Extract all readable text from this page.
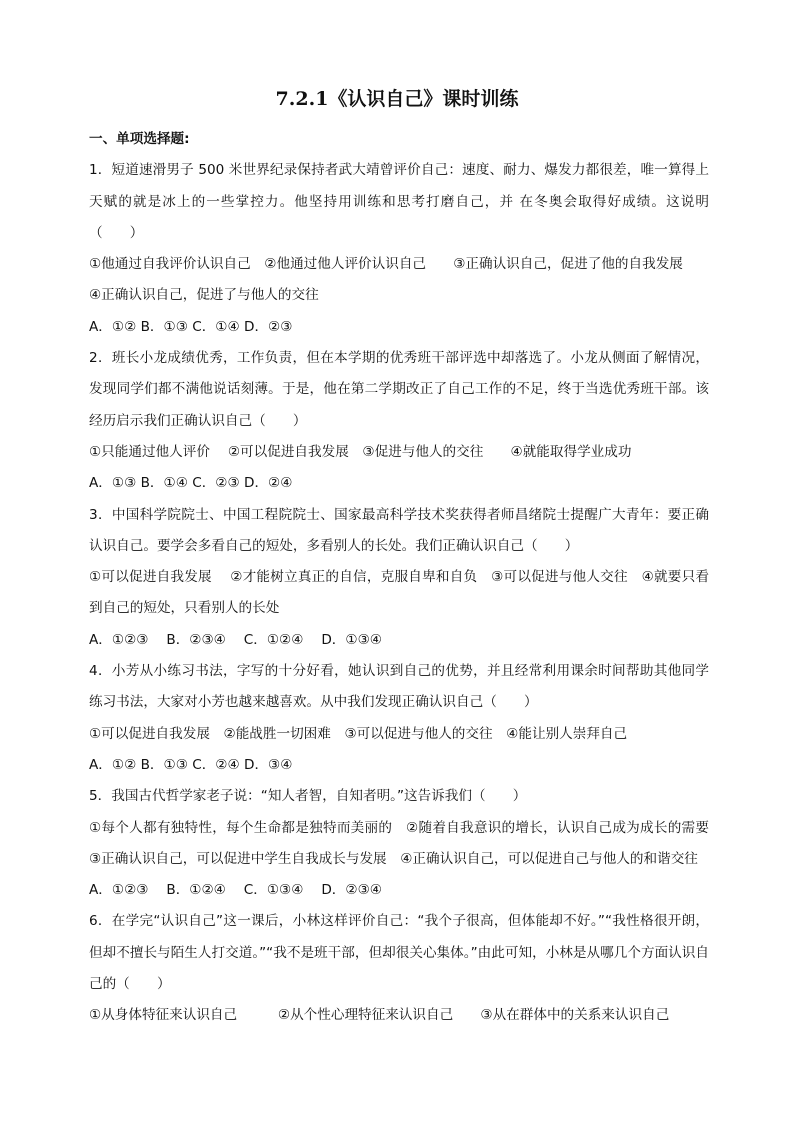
7.2.1《认识自己》课时训练

一、单项选择题:

1．短道速滑男子 500 米世界纪录保持者武大靖曾评价自己：速度、耐力、爆发力都很差，唯一算得上天赋的就是冰上的一些掌控力。他坚持用训练和思考打磨自己，并 在冬奥会取得好成绩。这说明（　　）

①他通过自我评价认识自己　②他通过他人评价认识自己　　③正确认识自己，促进了他的自我发展

④正确认识自己，促进了与他人的交往

A．①② B．①③ C．①④ D．②③

2．班长小龙成绩优秀，工作负责，但在本学期的优秀班干部评选中却落选了。小龙从侧面了解情况，发现同学们都不满他说话刻薄。于是，他在第二学期改正了自己工作的不足，终于当选优秀班干部。该经历启示我们正确认识自己（　　）

①只能通过他人评价　 ②可以促进自我发展　③促进与他人的交往　　④就能取得学业成功

A．①③ B．①④ C．②③ D．②④

3．中国科学院院士、中国工程院院士、国家最高科学技术奖获得者师昌绪院士提醒广大青年：要正确认识自己。要学会多看自己的短处，多看别人的长处。我们正确认识自己（　　）

①可以促进自我发展　 ②才能树立真正的自信，克服自卑和自负　③可以促进与他人交往　④就要只看到自己的短处，只看别人的长处

A．①②③　 B．②③④　 C．①②④　 D．①③④

4．小芳从小练习书法，字写的十分好看，她认识到自己的优势，并且经常利用课余时间帮助其他同学练习书法，大家对小芳也越来越喜欢。从中我们发现正确认识自己（　　）

①可以促进自我发展　②能战胜一切困难　③可以促进与他人的交往　④能让别人崇拜自己

A．①② B．①③ C．②④ D．③④

5．我国古代哲学家老子说：“知人者智，自知者明。”这告诉我们（　　）

①每个人都有独特性，每个生命都是独特而美丽的　②随着自我意识的增长，认识自己成为成长的需要　 ③正确认识自己，可以促进中学生自我成长与发展　④正确认识自己，可以促进自己与他人的和谐交往

A．①②③　 B．①②④　 C．①③④　 D．②③④

6．在学完“认识自己”这一课后，小林这样评价自己：“我个子很高，但体能却不好。”“我性格很开朗，但却不擅长与陌生人打交道。”“我不是班干部，但却很关心集体。”由此可知，小林是从哪几个方面认识自己的（　　）

①从身体特征来认识自己　　　②从个性心理特征来认识自己　　③从在群体中的关系来认识自己
